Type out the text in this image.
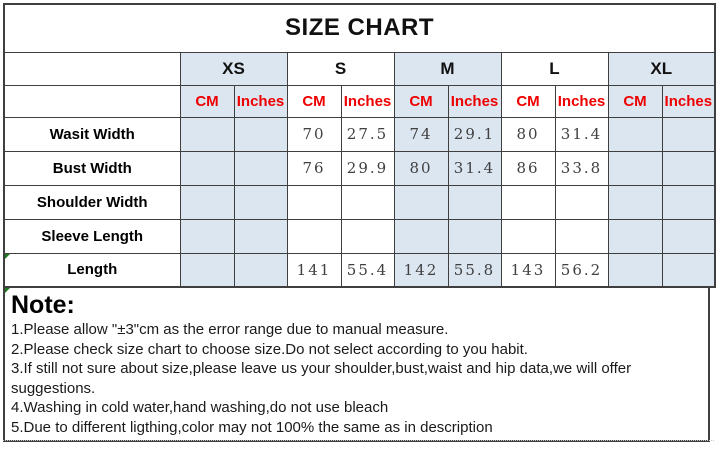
SIZE CHART										
	XS		S		M		L		XL	
	CM	Inches	CM	Inches	CM	Inches	CM	Inches	CM	Inches
Wasit Width			70	27.5	74	29.1	80	31.4		
Bust Width			76	29.9	80	31.4	86	33.8		
Shoulder Width										
Sleeve Length										

Length			141	55.4	142	55.8	143	56.2		
Note:
1.Please allow "±3"cm as the error range due to manual measure.
2.Please check size chart to choose size.Do not select according to you habit.
3.If still not sure about size,please leave us your shoulder,bust,waist and hip data,we will offer suggestions.
4.Washing in cold water,hand washing,do not use bleach
5.Due to different ligthing,color may not 100% the same as in description
